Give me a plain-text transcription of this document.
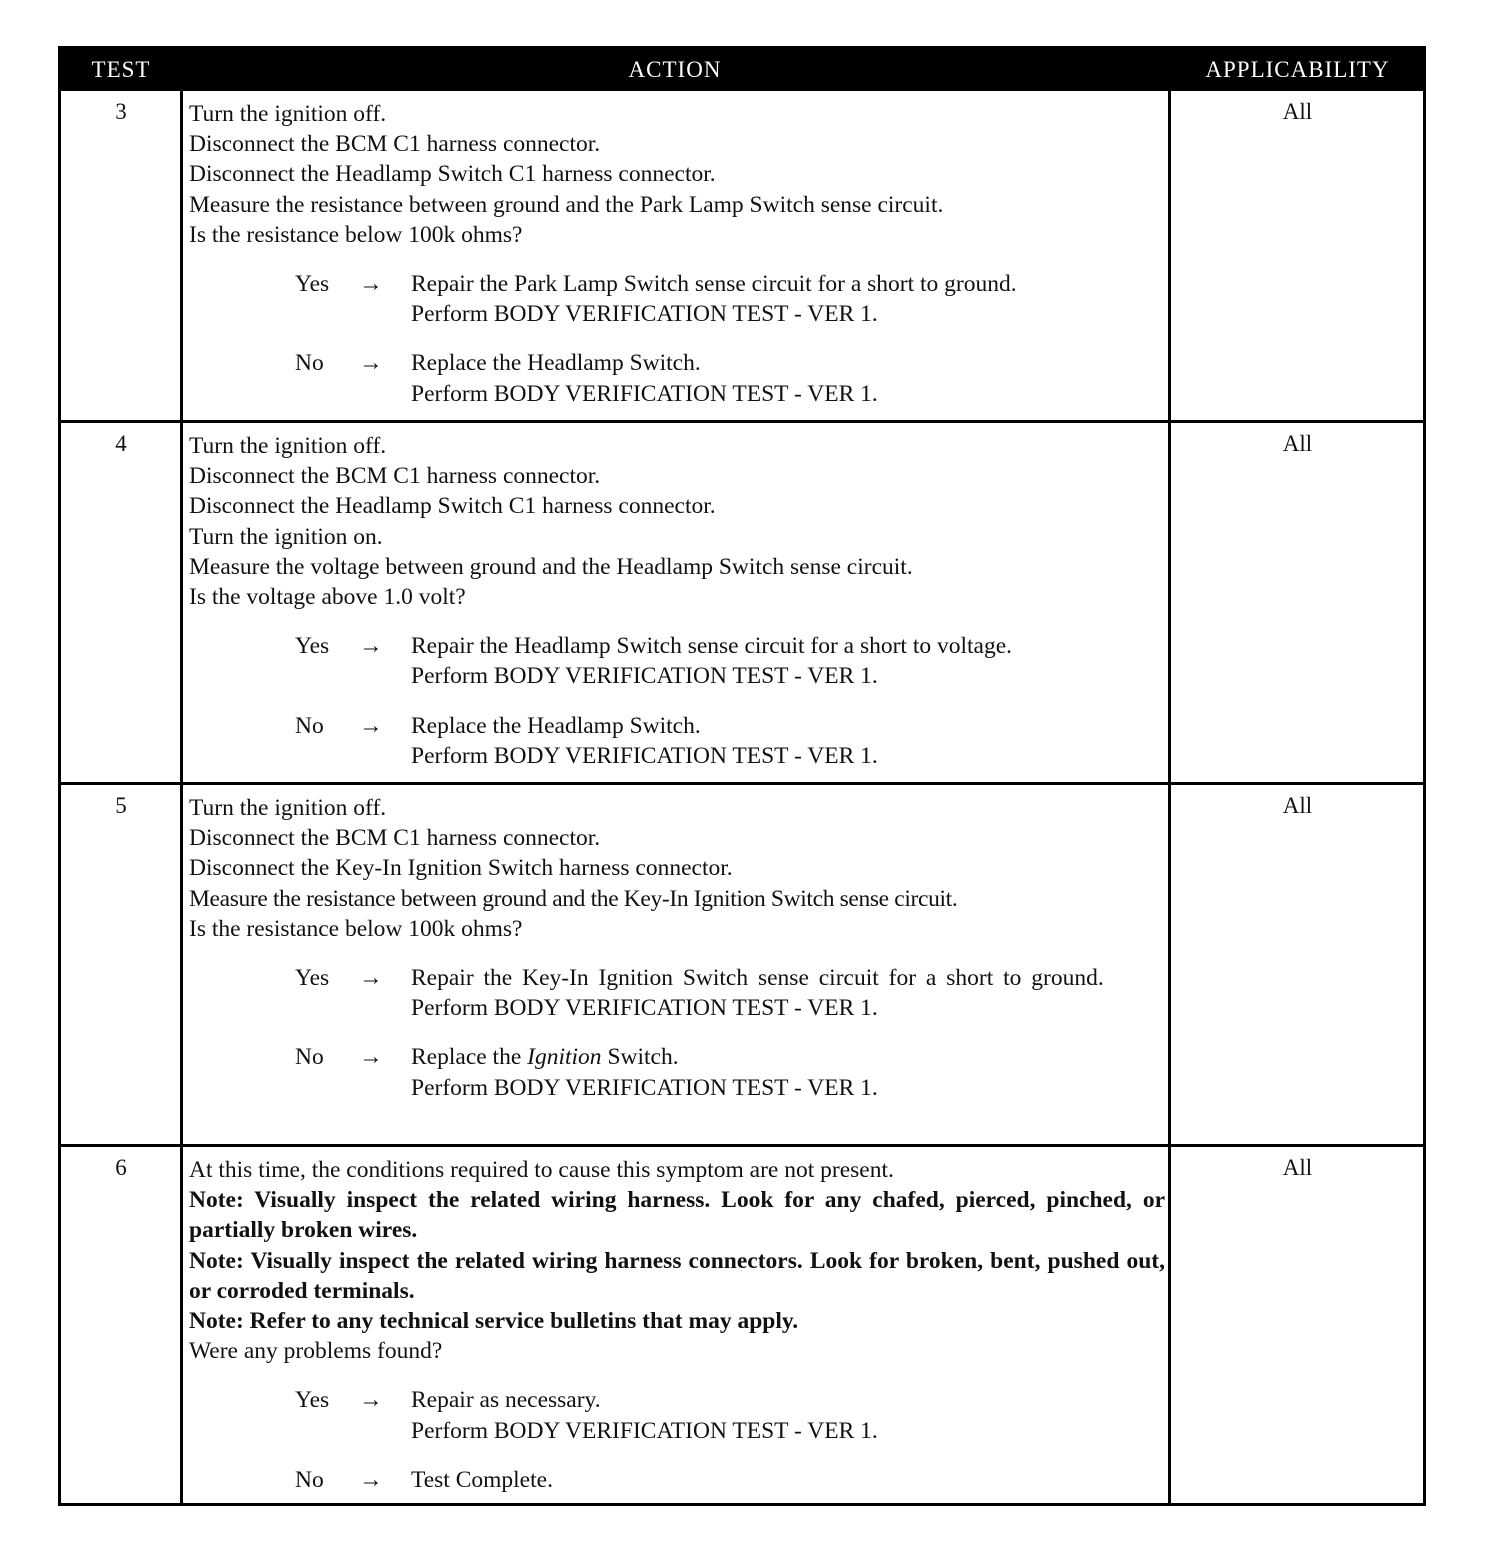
TEST	ACTION	APPLICABILITY
3	Turn the ignition off.
Disconnect the BCM C1 harness connector.
Disconnect the Headlamp Switch C1 harness connector.
Measure the resistance between ground and the Park Lamp Switch sense circuit.
Is the resistance below 100k ohms?
Yes → Repair the Park Lamp Switch sense circuit for a short to ground.
Perform BODY VERIFICATION TEST - VER 1.
No → Replace the Headlamp Switch.
Perform BODY VERIFICATION TEST - VER 1.
All
4	Turn the ignition off.
Disconnect the BCM C1 harness connector.
Disconnect the Headlamp Switch C1 harness connector.
Turn the ignition on.
Measure the voltage between ground and the Headlamp Switch sense circuit.
Is the voltage above 1.0 volt?
Yes → Repair the Headlamp Switch sense circuit for a short to voltage.
Perform BODY VERIFICATION TEST - VER 1.
No → Replace the Headlamp Switch.
Perform BODY VERIFICATION TEST - VER 1.
All
5	Turn the ignition off.
Disconnect the BCM C1 harness connector.
Disconnect the Key-In Ignition Switch harness connector.
Measure the resistance between ground and the Key-In Ignition Switch sense circuit.
Is the resistance below 100k ohms?
Yes → Repair the Key-In Ignition Switch sense circuit for a short to ground.
Perform BODY VERIFICATION TEST - VER 1.
No → Replace the Ignition Switch.
Perform BODY VERIFICATION TEST - VER 1.
All
6	At this time, the conditions required to cause this symptom are not present.
Note: Visually inspect the related wiring harness. Look for any chafed, pierced, pinched, or partially broken wires.
Note: Visually inspect the related wiring harness connectors. Look for broken, bent, pushed out, or corroded terminals.
Note: Refer to any technical service bulletins that may apply.
Were any problems found?
Yes → Repair as necessary.
Perform BODY VERIFICATION TEST - VER 1.
No → Test Complete.
All
